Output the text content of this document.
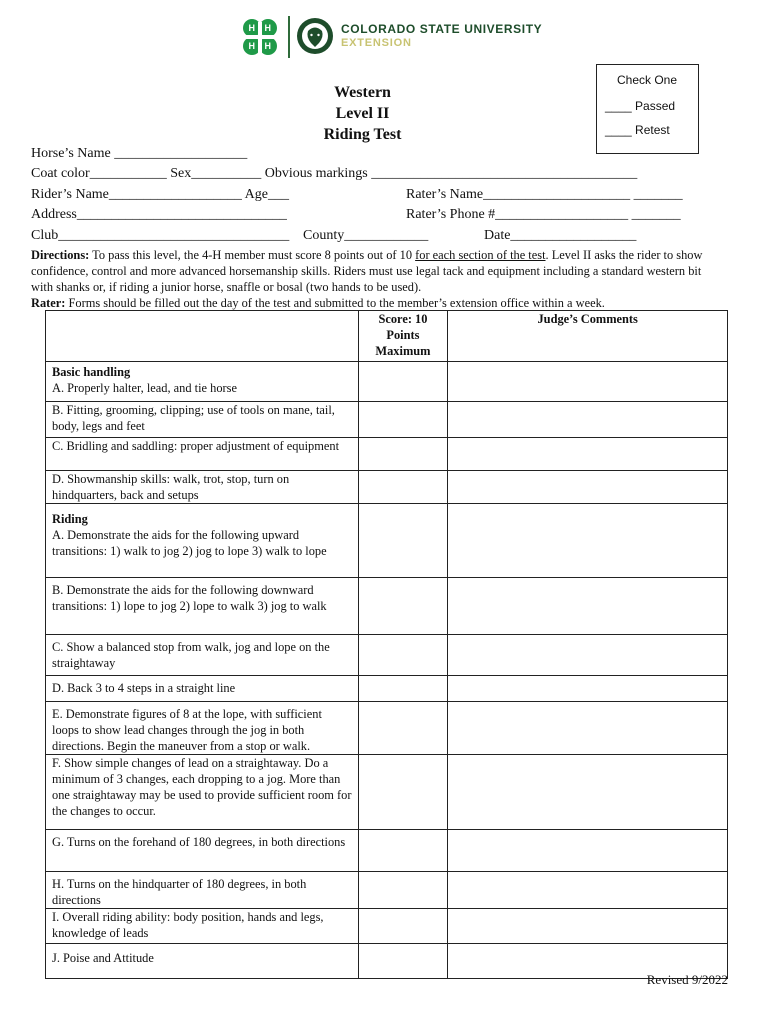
H H
H H
COLORADO STATE UNIVERSITY
EXTENSION
Western
Level II
Riding Test
Check One
____ Passed
____ Retest
Horse’s Name ___________________
Coat color___________ Sex__________ Obvious markings ______________________________________
Rider’s Name___________________ Age___	Rater’s Name_____________________ _______
Address______________________________	Rater’s Phone #___________________ _______
Club_________________________________ County____________	Date__________________
Directions: To pass this level, the 4-H member must score 8 points out of 10 for each section of the test. Level II asks the rider to show confidence, control and more advanced horsemanship skills. Riders must use legal tack and equipment including a standard western bit with shanks or, if riding a junior horse, snaffle or bosal (two hands to be used).
Rater: Forms should be filled out the day of the test and submitted to the member’s extension office within a week.

	Score: 10
Points
Maximum	Judge’s Comments

Basic handling
A. Properly halter, lead, and tie horse		
B. Fitting, grooming, clipping; use of tools on mane, tail, body, legs and feet		
C. Bridling and saddling: proper adjustment of equipment		
D. Showmanship skills: walk, trot, stop, turn on hindquarters, back and setups		

Riding
A. Demonstrate the aids for the following upward transitions: 1) walk to jog 2) jog to lope 3) walk to lope		
B. Demonstrate the aids for the following downward transitions: 1) lope to jog 2) lope to walk 3) jog to walk		
C. Show a balanced stop from walk, jog and lope on the straightaway		
D. Back 3 to 4 steps in a straight line		
E. Demonstrate figures of 8 at the lope, with sufficient loops to show lead changes through the jog in both directions. Begin the maneuver from a stop or walk.		
F. Show simple changes of lead on a straightaway. Do a minimum of 3 changes, each dropping to a jog. More than one straightaway may be used to provide sufficient room for the changes to occur.		
G. Turns on the forehand of 180 degrees, in both directions		
H. Turns on the hindquarter of 180 degrees, in both directions		
I. Overall riding ability: body position, hands and legs, knowledge of leads		
J. Poise and Attitude		
Revised 9/2022
